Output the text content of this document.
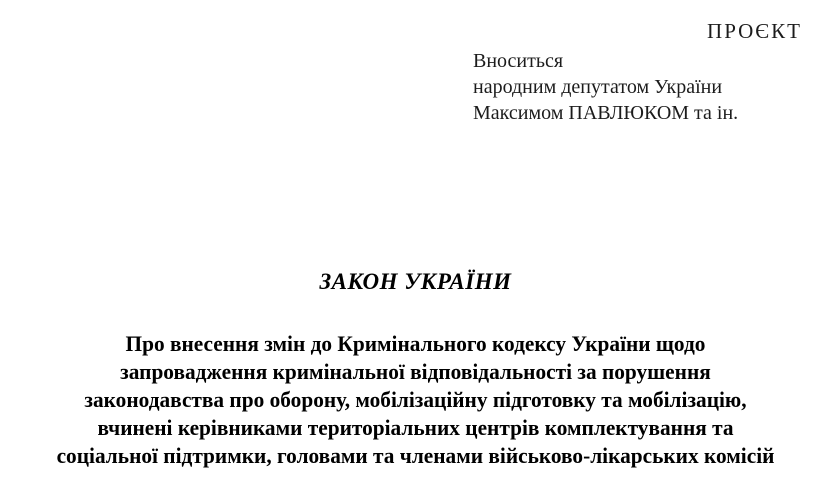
ПРОЄКТ
Вноситься
народним депутатом України
Максимом ПАВЛЮКОМ та ін.
ЗАКОН УКРАЇНИ
Про внесення змін до Кримінального кодексу України щодо
запровадження кримінальної відповідальності за порушення
законодавства про оборону, мобілізаційну підготовку та мобілізацію,
вчинені керівниками територіальних центрів комплектування та
соціальної підтримки, головами та членами військово-лікарських комісій
